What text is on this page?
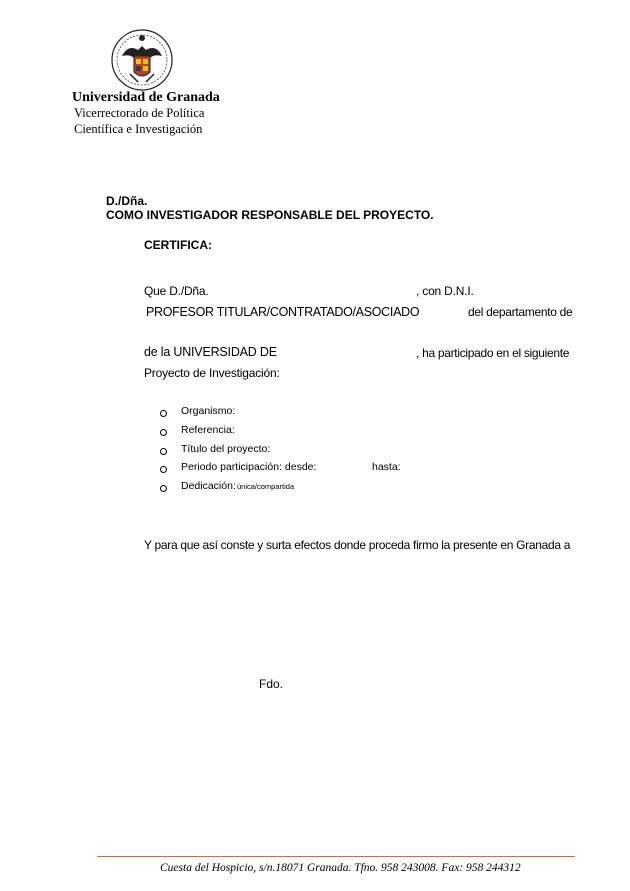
Universidad de Granada
Vicerrectorado de Política
Científica e Investigación
D./Dña.
COMO INVESTIGADOR RESPONSABLE DEL PROYECTO.
CERTIFICA:
Que D./Dña.	, con D.N.I.
PROFESOR TITULAR/CONTRATADO/ASOCIADO	del departamento de
de la UNIVERSIDAD DE	, ha participado en el siguiente
Proyecto de Investigación:
Organismo:
Referencia:
Título del proyecto:
Periodo participación: desde:	hasta:
Dedicación: única/compartida
Y para que así conste y surta efectos donde proceda firmo la presente en Granada a
Fdo.
Cuesta del Hospicio, s/n.18071 Granada. Tfno. 958 243008. Fax: 958 244312
